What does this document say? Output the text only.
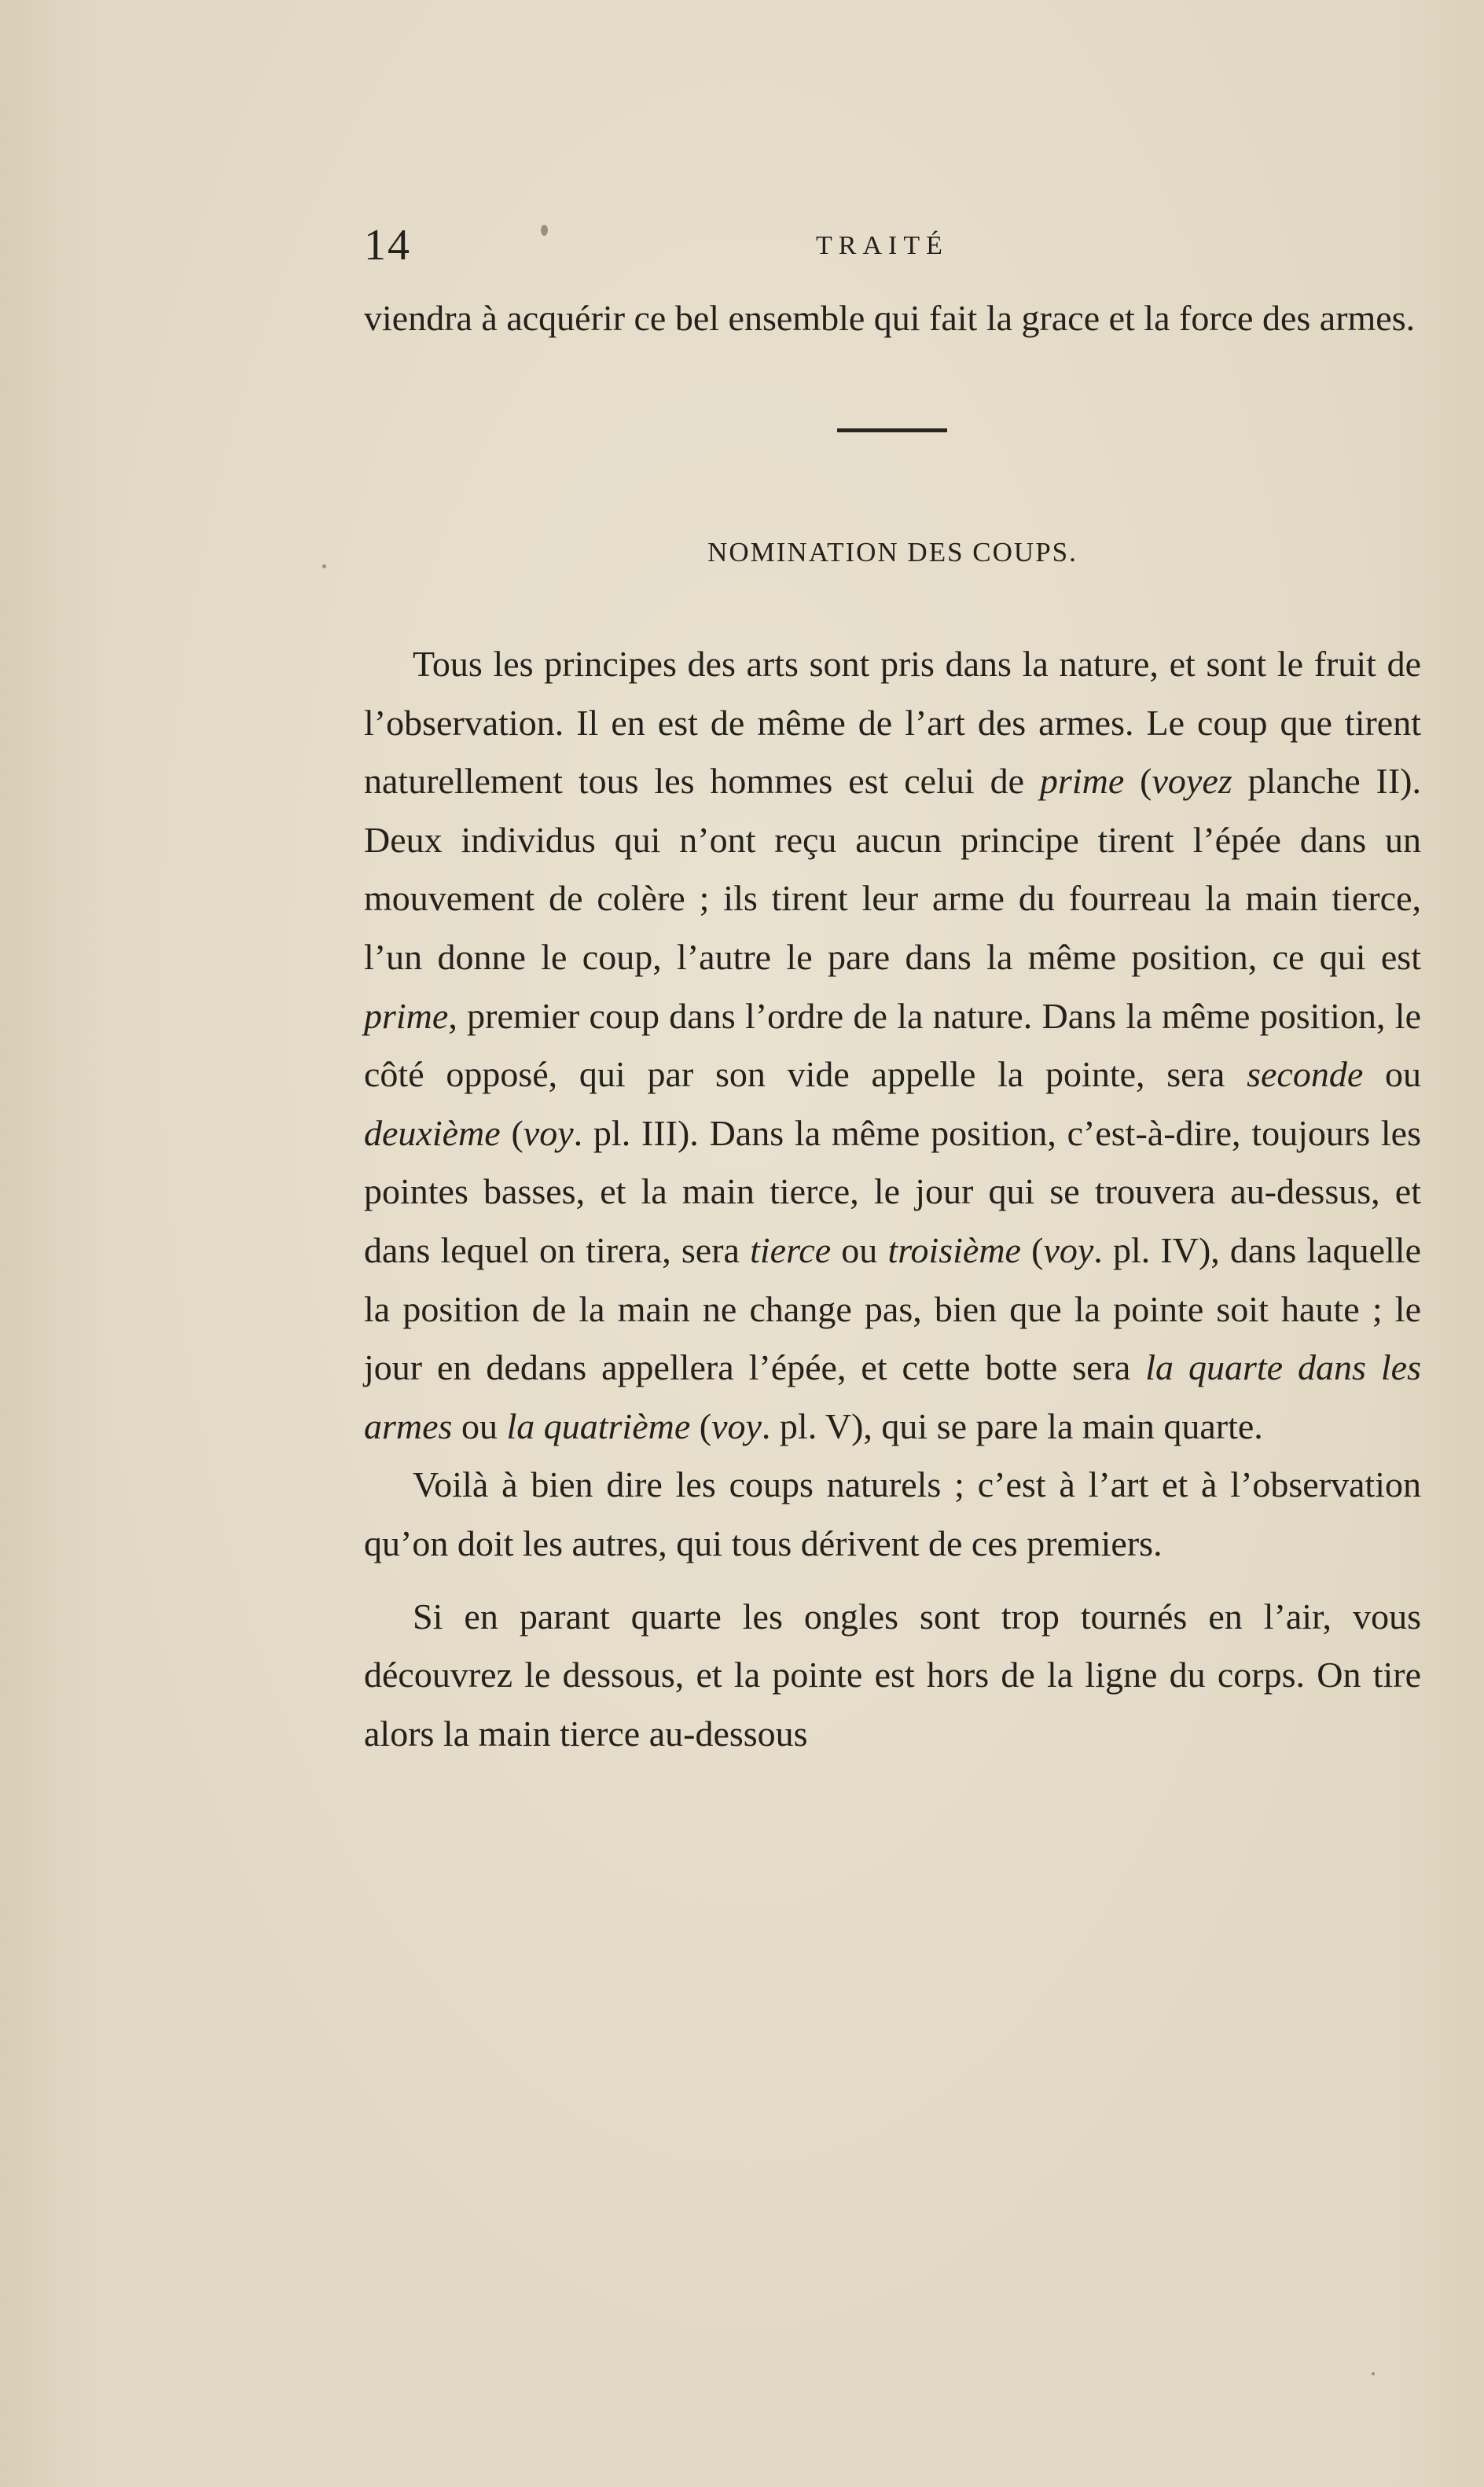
14	TRAITÉ

viendra à acquérir ce bel ensemble qui fait la grace et la force des armes.

NOMINATION DES COUPS.

Tous les principes des arts sont pris dans la nature, et sont le fruit de l’observation. Il en est de même de l’art des armes. Le coup que tirent naturellement tous les hommes est celui de prime (voyez planche II). Deux individus qui n’ont reçu aucun principe tirent l’épée dans un mouvement de colère ; ils tirent leur arme du fourreau la main tierce, l’un donne le coup, l’autre le pare dans la même position, ce qui est prime, premier coup dans l’ordre de la nature. Dans la même position, le côté opposé, qui par son vide appelle la pointe, sera seconde ou deuxième (voy. pl. III). Dans la même position, c’est-à-dire, toujours les pointes basses, et la main tierce, le jour qui se trouvera au-dessus, et dans lequel on tirera, sera tierce ou troisième (voy. pl. IV), dans laquelle la position de la main ne change pas, bien que la pointe soit haute ; le jour en dedans appellera l’épée, et cette botte sera la quarte dans les armes ou la quatrième (voy. pl. V), qui se pare la main quarte.

Voilà à bien dire les coups naturels ; c’est à l’art et à l’observation qu’on doit les autres, qui tous dérivent de ces premiers.

Si en parant quarte les ongles sont trop tournés en l’air, vous découvrez le dessous, et la pointe est hors de la ligne du corps. On tire alors la main tierce au-dessous
